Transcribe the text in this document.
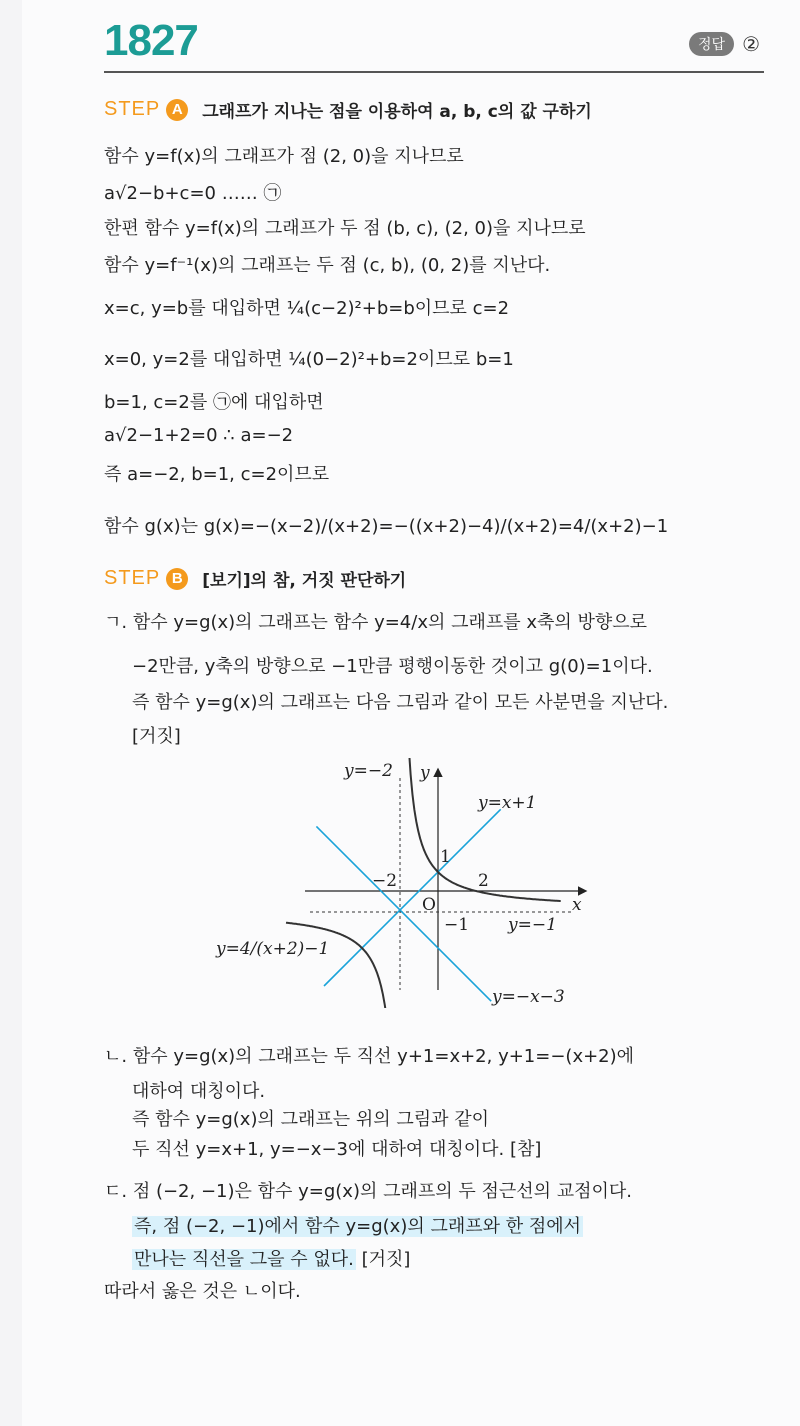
1827	정답 ②
STEP A	그래프가 지나는 점을 이용하여 a, b, c의 값 구하기
함수 y=f(x)의 그래프가 점 (2, 0)을 지나므로
a√2−b+c=0 …… ㉠
한편 함수 y=f(x)의 그래프가 두 점 (b, c), (2, 0)을 지나므로
함수 y=f⁻¹(x)의 그래프는 두 점 (c, b), (0, 2)를 지난다.
x=c, y=b를 대입하면 ¼(c−2)²+b=b이므로 c=2
x=0, y=2를 대입하면 ¼(0−2)²+b=2이므로 b=1
b=1, c=2를 ㉠에 대입하면
a√2−1+2=0 ∴ a=−2
즉 a=−2, b=1, c=2이므로
함수 g(x)는 g(x)=−(x−2)/(x+2)=−((x+2)−4)/(x+2)=4/(x+2)−1
STEP B	[보기]의 참, 거짓 판단하기
ㄱ. 함수 y=g(x)의 그래프는 함수 y=4/x의 그래프를 x축의 방향으로
−2만큼, y축의 방향으로 −1만큼 평행이동한 것이고 g(0)=1이다.
즉 함수 y=g(x)의 그래프는 다음 그림과 같이 모든 사분면을 지난다.
[거짓]
y=−2 y
x
y=x+1
y=−x−3
y=−1
y=4/(x+2)−1
O
−2	2
1
−1
ㄴ. 함수 y=g(x)의 그래프는 두 직선 y+1=x+2, y+1=−(x+2)에
대하여 대칭이다.
즉 함수 y=g(x)의 그래프는 위의 그림과 같이
두 직선 y=x+1, y=−x−3에 대하여 대칭이다. [참]
ㄷ. 점 (−2, −1)은 함수 y=g(x)의 그래프의 두 점근선의 교점이다.
즉, 점 (−2, −1)에서 함수 y=g(x)의 그래프와 한 점에서
만나는 직선을 그을 수 없다. [거짓]
따라서 옳은 것은 ㄴ이다.
